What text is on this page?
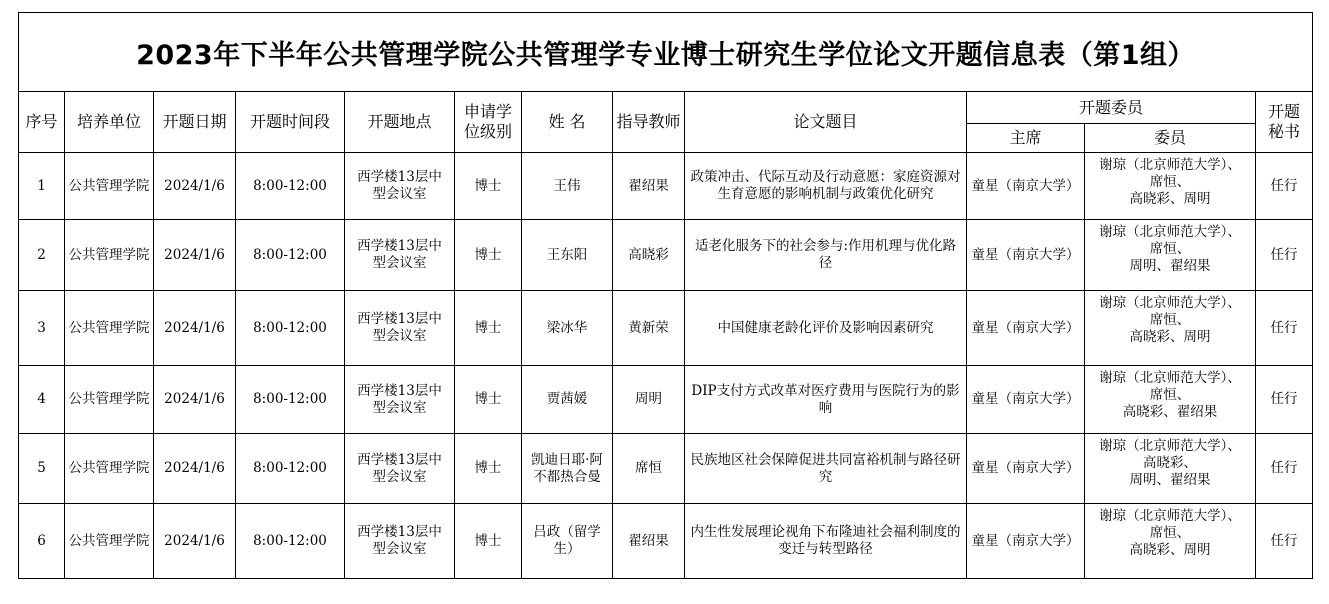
2023年下半年公共管理学院公共管理学专业博士研究生学位论文开题信息表（第1组）											
序号	培养单位	开题日期	开题时间段	开题地点	申请学位级别	姓 名	指导教师	论文题目	开题委员		开题秘书
									主席	委员	
1	公共管理学院	2024/1/6	8:00-12:00	西学楼13层中型会议室	博士	王伟	翟绍果	政策冲击、代际互动及行动意愿：家庭资源对生育意愿的影响机制与政策优化研究	童星（南京大学）	谢琼（北京师范大学）、
席恒、
高晓彩、周明	任行
2	公共管理学院	2024/1/6	8:00-12:00	西学楼13层中型会议室	博士	王东阳	高晓彩	适老化服务下的社会参与:作用机理与优化路径	童星（南京大学）	谢琼（北京师范大学）、
席恒、
周明、翟绍果	任行
3	公共管理学院	2024/1/6	8:00-12:00	西学楼13层中型会议室	博士	梁冰华	黄新荣	中国健康老龄化评价及影响因素研究	童星（南京大学）	谢琼（北京师范大学）、
席恒、
高晓彩、周明	任行
4	公共管理学院	2024/1/6	8:00-12:00	西学楼13层中型会议室	博士	贾茜媛	周明	DIP支付方式改革对医疗费用与医院行为的影响	童星（南京大学）	谢琼（北京师范大学）、
席恒、
高晓彩、翟绍果	任行
5	公共管理学院	2024/1/6	8:00-12:00	西学楼13层中型会议室	博士	凯迪日耶·阿不都热合曼	席恒	民族地区社会保障促进共同富裕机制与路径研究	童星（南京大学）	谢琼（北京师范大学）、
高晓彩、
周明、翟绍果	任行
6	公共管理学院	2024/1/6	8:00-12:00	西学楼13层中型会议室	博士	吕政（留学生）	翟绍果	内生性发展理论视角下布隆迪社会福利制度的变迁与转型路径	童星（南京大学）	谢琼（北京师范大学）、
席恒、
高晓彩、周明	任行
